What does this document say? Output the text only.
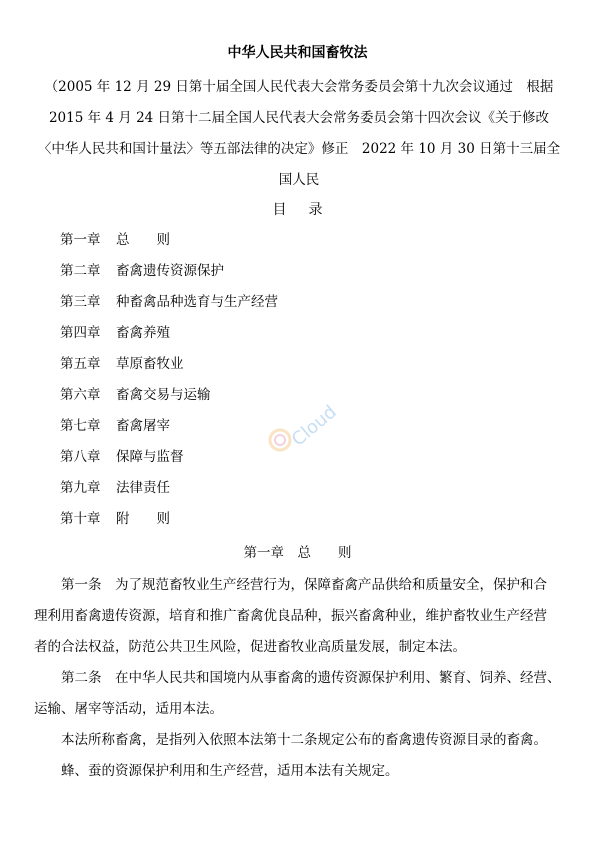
中华人民共和国畜牧法
（2005 年 12 月 29 日第十届全国人民代表大会常务委员会第十九次会议通过　根据
2015 年 4 月 24 日第十二届全国人民代表大会常务委员会第十四次会议《关于修改
〈中华人民共和国计量法〉等五部法律的决定》修正　2022 年 10 月 30 日第十三届全
国人民
目录
第一章 总　　则
第二章 畜禽遗传资源保护
第三章 种畜禽品种选育与生产经营
第四章 畜禽养殖
第五章 草原畜牧业
第六章 畜禽交易与运输
第七章 畜禽屠宰
第八章 保障与监督
第九章 法律责任
第十章 附　　则
第一章　总　　则

第一条　为了规范畜牧业生产经营行为，保障畜禽产品供给和质量安全，保护和合
理利用畜禽遗传资源，培育和推广畜禽优良品种，振兴畜禽种业，维护畜牧业生产经营
者的合法权益，防范公共卫生风险，促进畜牧业高质量发展，制定本法。

第二条　在中华人民共和国境内从事畜禽的遗传资源保护利用、繁育、饲养、经营、
运输、屠宰等活动，适用本法。

本法所称畜禽，是指列入依照本法第十二条规定公布的畜禽遗传资源目录的畜禽。

蜂、蚕的资源保护利用和生产经营，适用本法有关规定。

Cloud
